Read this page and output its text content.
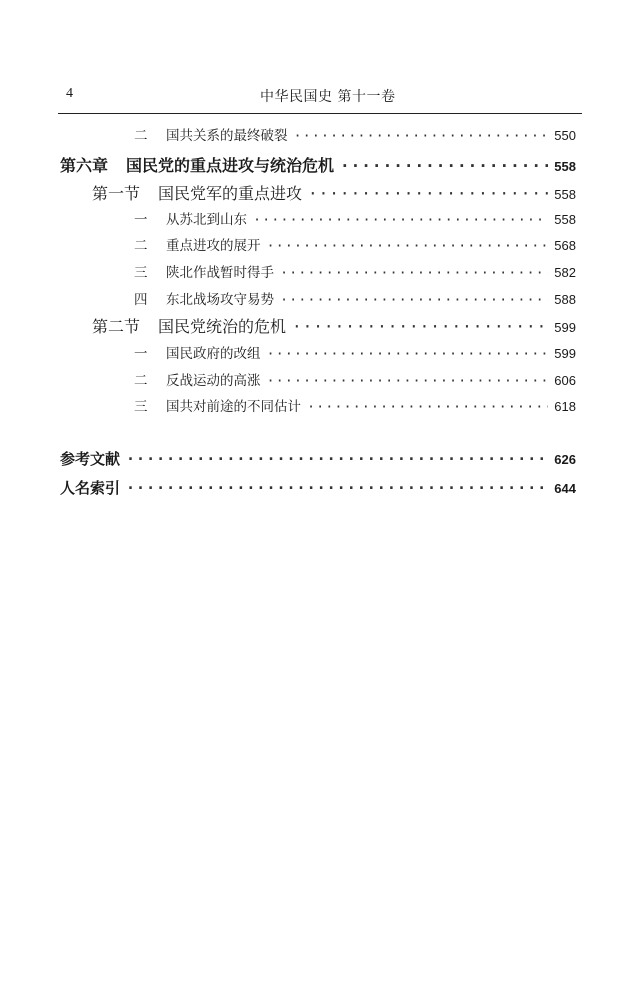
4	中华民国史 第十一卷
二	国共关系的最终破裂 ·····	550
第六章 国民党的重点进攻与统治危机 ·····	558
第一节 国民党军的重点进攻 ·····	558
一	从苏北到山东 ·····	558
二	重点进攻的展开 ·····	568
三	陕北作战暂时得手 ·····	582
四	东北战场攻守易势 ·····	588
第二节 国民党统治的危机 ·····	599
一	国民政府的改组 ·····	599
二	反战运动的高涨 ·····	606
三	国共对前途的不同估计 ·····	618
参考文献 ·····	626
人名索引 ·····	644
